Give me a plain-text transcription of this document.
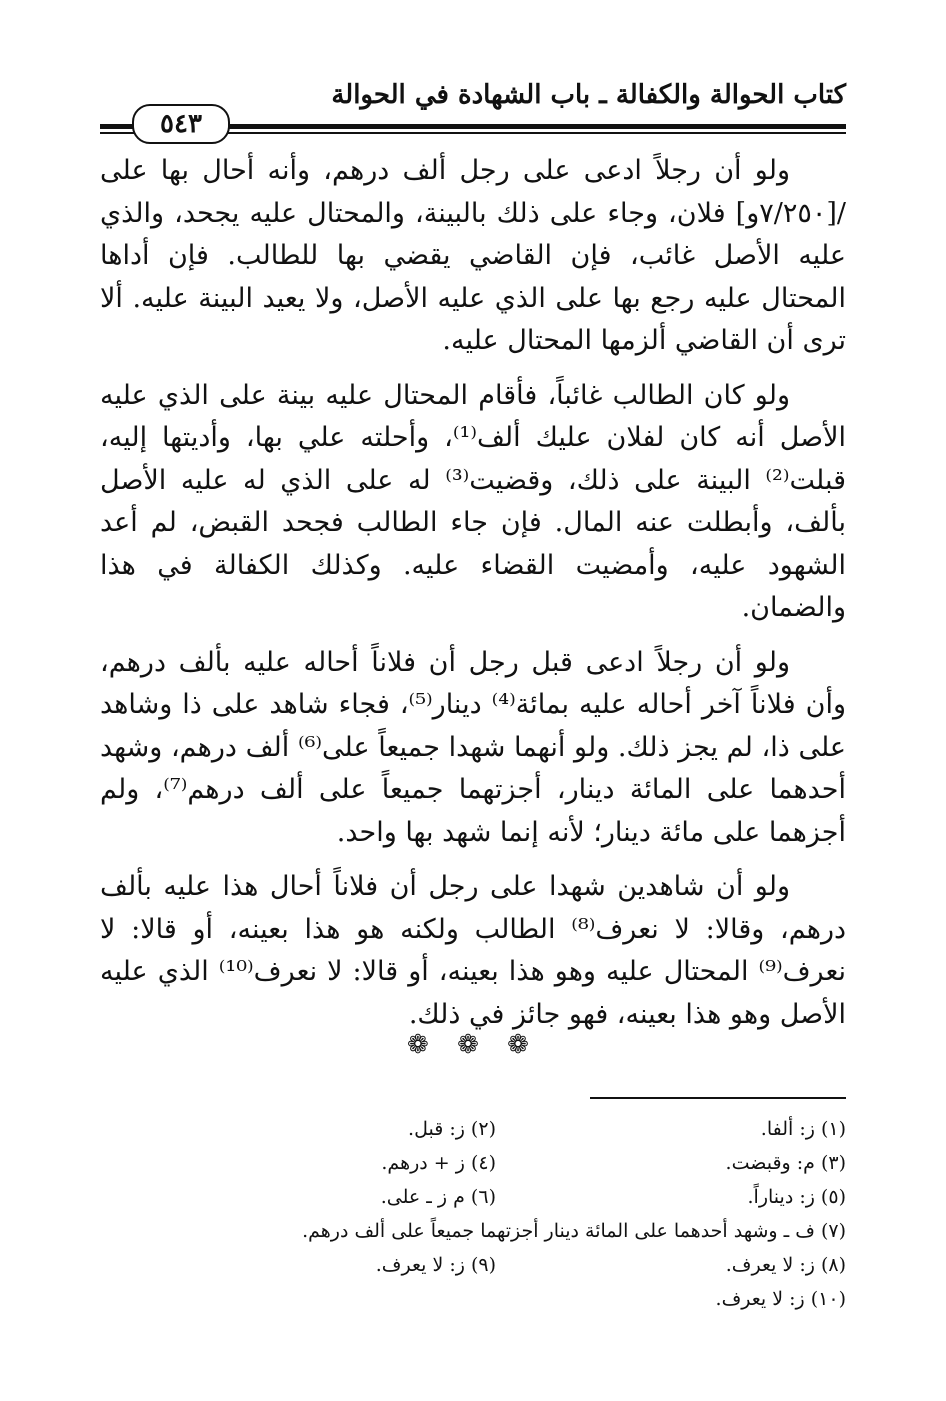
كتاب الحوالة والكفالة ـ باب الشهادة في الحوالة
٥٤٣

ولو أن رجلاً ادعى على رجل ألف درهم، وأنه أحال بها على /[٧/٢٥٠و] فلان، وجاء على ذلك بالبينة، والمحتال عليه يجحد، والذي عليه الأصل غائب، فإن القاضي يقضي بها للطالب. فإن أداها المحتال عليه رجع بها على الذي عليه الأصل، ولا يعيد البينة عليه. ألا ترى أن القاضي ألزمها المحتال عليه.

ولو كان الطالب غائباً، فأقام المحتال عليه بينة على الذي عليه الأصل أنه كان لفلان عليك ألف⁽¹⁾، وأحلته علي بها، وأديتها إليه، قبلت⁽²⁾ البينة على ذلك، وقضيت⁽³⁾ له على الذي له عليه الأصل بألف، وأبطلت عنه المال. فإن جاء الطالب فجحد القبض، لم أعد الشهود عليه، وأمضيت القضاء عليه. وكذلك الكفالة في هذا والضمان.

ولو أن رجلاً ادعى قبل رجل أن فلاناً أحاله عليه بألف درهم، وأن فلاناً آخر أحاله عليه بمائة⁽⁴⁾ دينار⁽⁵⁾، فجاء شاهد على ذا وشاهد على ذا، لم يجز ذلك. ولو أنهما شهدا جميعاً على⁽⁶⁾ ألف درهم، وشهد أحدهما على المائة دينار، أجزتهما جميعاً على ألف درهم⁽⁷⁾، ولم أجزهما على مائة دينار؛ لأنه إنما شهد بها واحد.

ولو أن شاهدين شهدا على رجل أن فلاناً أحال هذا عليه بألف درهم، وقالا: لا نعرف⁽⁸⁾ الطالب ولكنه هو هذا بعينه، أو قالا: لا نعرف⁽⁹⁾ المحتال عليه وهو هذا بعينه، أو قالا: لا نعرف⁽¹⁰⁾ الذي عليه الأصل وهو هذا بعينه، فهو جائز في ذلك.

❁ ❁ ❁
(١) ز: ألفا.
(٢) ز: قبل.
(٣) م: وقبضت.
(٤) ز + درهم.
(٥) ز: ديناراً.
(٦) م ز ـ على.
(٧) ف ـ وشهد أحدهما على المائة دينار أجزتهما جميعاً على ألف درهم.
(٨) ز: لا يعرف.
(٩) ز: لا يعرف.
(١٠) ز: لا يعرف.
